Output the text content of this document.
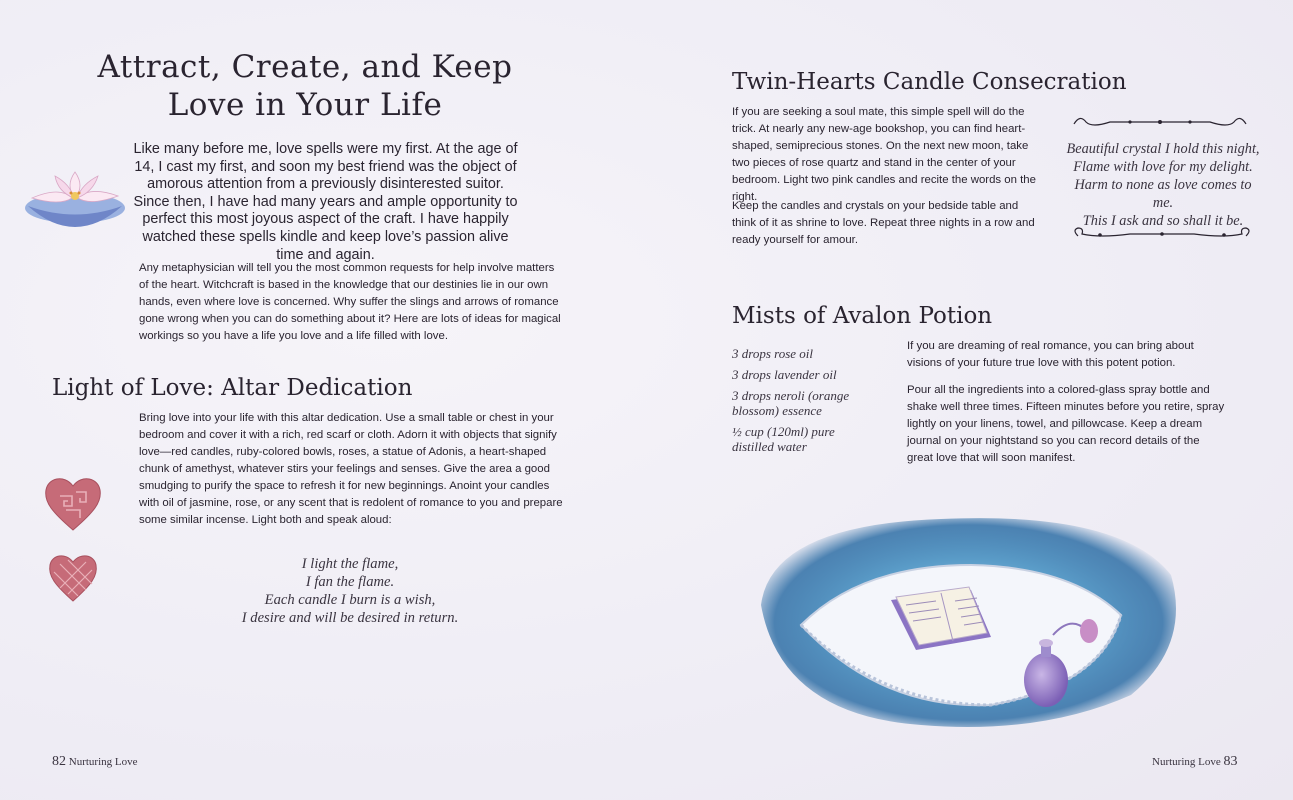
Attract, Create, and Keep
Love in Your Life

Like many before me, love spells were my first. At the age of 14, I cast my first, and soon my best friend was the object of amorous attention from a previously disinterested suitor. Since then, I have had many years and ample opportunity to perfect this most joyous aspect of the craft. I have happily watched these spells kindle and keep love’s passion alive time and again.

Any metaphysician will tell you the most common requests for help involve matters of the heart. Witchcraft is based in the knowledge that our destinies lie in our own hands, even where love is concerned. Why suffer the slings and arrows of romance gone wrong when you can do something about it? Here are lots of ideas for magical workings so you have a life you love and a life filled with love.

Light of Love: Altar Dedication

Bring love into your life with this altar dedication. Use a small table or chest in your bedroom and cover it with a rich, red scarf or cloth. Adorn it with objects that signify love—red candles, ruby-colored bowls, roses, a statue of Adonis, a heart-shaped chunk of amethyst, whatever stirs your feelings and senses. Give the area a good smudging to purify the space to refresh it for new beginnings. Anoint your candles with oil of jasmine, rose, or any scent that is redolent of romance to you and prepare some similar incense. Light both and speak aloud:

I light the flame,
I fan the flame.
Each candle I burn is a wish,
I desire and will be desired in return.
82 Nurturing Love
Twin-Hearts Candle Consecration

If you are seeking a soul mate, this simple spell will do the trick. At nearly any new-age bookshop, you can find heart-shaped, semiprecious stones. On the next new moon, take two pieces of rose quartz and stand in the center of your bedroom. Light two pink candles and recite the words on the right.

Keep the candles and crystals on your bedside table and think of it as shrine to love. Repeat three nights in a row and ready yourself for amour.

Beautiful crystal I hold this night,
Flame with love for my delight.
Harm to none as love comes to me.
This I ask and so shall it be.
Mists of Avalon Potion
3 drops rose oil
3 drops lavender oil
3 drops neroli (orange blossom) essence
½ cup (120ml) pure distilled water

If you are dreaming of real romance, you can bring about visions of your future true love with this potent potion.

Pour all the ingredients into a colored-glass spray bottle and shake well three times. Fifteen minutes before you retire, spray lightly on your linens, towel, and pillowcase. Keep a dream journal on your nightstand so you can record details of the great love that will soon manifest.

Nurturing Love 83
